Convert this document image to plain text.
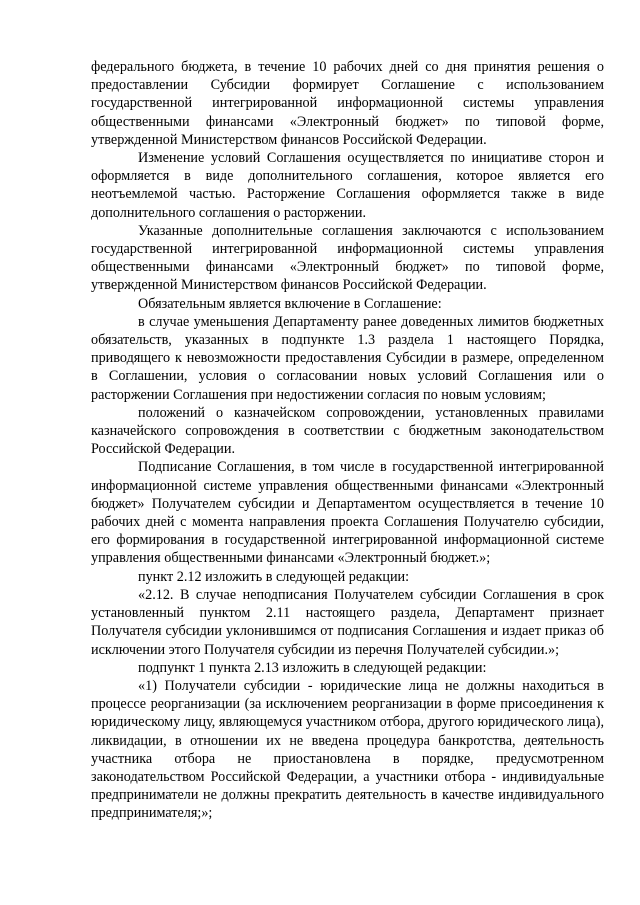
федерального бюджета, в течение 10 рабочих дней со дня принятия решения о предоставлении Субсидии формирует Соглашение с использованием государственной интегрированной информационной системы управления общественными финансами «Электронный бюджет» по типовой форме, утвержденной Министерством финансов Российской Федерации.

Изменение условий Соглашения осуществляется по инициативе сторон и оформляется в виде дополнительного соглашения, которое является его неотъемлемой частью. Расторжение Соглашения оформляется также в виде дополнительного соглашения о расторжении.

Указанные дополнительные соглашения заключаются с использованием государственной интегрированной информационной системы управления общественными финансами «Электронный бюджет» по типовой форме, утвержденной Министерством финансов Российской Федерации.

Обязательным является включение в Соглашение:

в случае уменьшения Департаменту ранее доведенных лимитов бюджетных обязательств, указанных в подпункте 1.3 раздела 1 настоящего Порядка, приводящего к невозможности предоставления Субсидии в размере, определенном в Соглашении, условия о согласовании новых условий Соглашения или о расторжении Соглашения при недостижении согласия по новым условиям;

положений о казначейском сопровождении, установленных правилами казначейского сопровождения в соответствии с бюджетным законодательством Российской Федерации.

Подписание Соглашения, в том числе в государственной интегрированной информационной системе управления общественными финансами «Электронный бюджет» Получателем субсидии и Департаментом осуществляется в течение 10 рабочих дней с момента направления проекта Соглашения Получателю субсидии, его формирования в государственной интегрированной информационной системе управления общественными финансами «Электронный бюджет.»;

пункт 2.12 изложить в следующей редакции:

«2.12. В случае неподписания Получателем субсидии Соглашения в срок установленный пунктом 2.11 настоящего раздела, Департамент признает Получателя субсидии уклонившимся от подписания Соглашения и издает приказ об исключении этого Получателя субсидии из перечня Получателей субсидии.»;

подпункт 1 пункта 2.13 изложить в следующей редакции:

«1) Получатели субсидии - юридические лица не должны находиться в процессе реорганизации (за исключением реорганизации в форме присоединения к юридическому лицу, являющемуся участником отбора, другого юридического лица), ликвидации, в отношении их не введена процедура банкротства, деятельность участника отбора не приостановлена в порядке, предусмотренном законодательством Российской Федерации, а участники отбора - индивидуальные предприниматели не должны прекратить деятельность в качестве индивидуального предпринимателя;»;
